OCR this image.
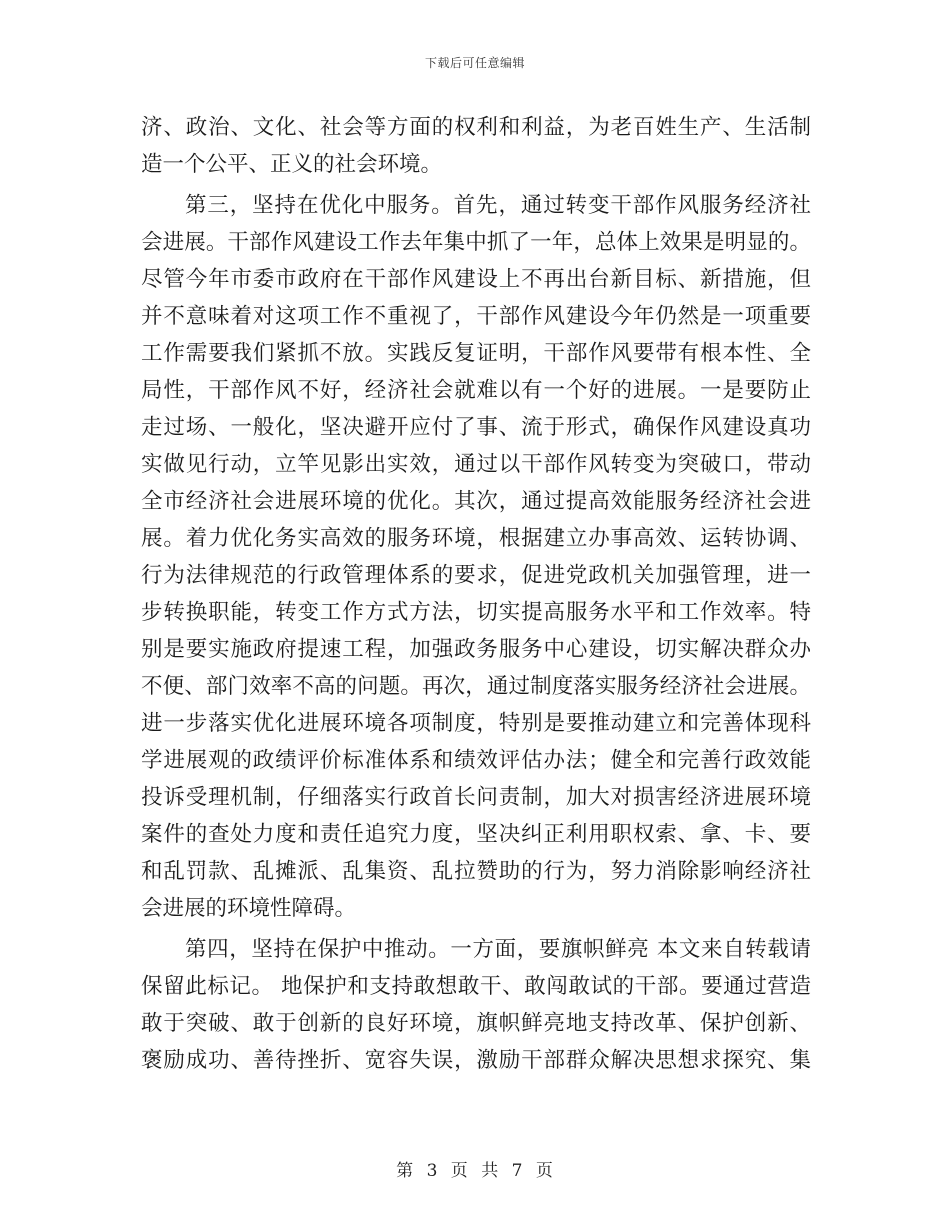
下载后可任意编辑
济、政治、文化、社会等方面的权利和利益，为老百姓生产、生活制
造一个公平、正义的社会环境。
第三，坚持在优化中服务。首先，通过转变干部作风服务经济社
会进展。干部作风建设工作去年集中抓了一年，总体上效果是明显的。
尽管今年市委市政府在干部作风建设上不再出台新目标、新措施，但
并不意味着对这项工作不重视了，干部作风建设今年仍然是一项重要
工作需要我们紧抓不放。实践反复证明，干部作风要带有根本性、全
局性，干部作风不好，经济社会就难以有一个好的进展。一是要防止
走过场、一般化，坚决避开应付了事、流于形式，确保作风建设真功
实做见行动，立竿见影出实效，通过以干部作风转变为突破口，带动
全市经济社会进展环境的优化。其次，通过提高效能服务经济社会进
展。着力优化务实高效的服务环境，根据建立办事高效、运转协调、
行为法律规范的行政管理体系的要求，促进党政机关加强管理，进一
步转换职能，转变工作方式方法，切实提高服务水平和工作效率。特
别是要实施政府提速工程，加强政务服务中心建设，切实解决群众办
不便、部门效率不高的问题。再次，通过制度落实服务经济社会进展。
进一步落实优化进展环境各项制度，特别是要推动建立和完善体现科
学进展观的政绩评价标准体系和绩效评估办法；健全和完善行政效能
投诉受理机制，仔细落实行政首长问责制，加大对损害经济进展环境
案件的查处力度和责任追究力度，坚决纠正利用职权索、拿、卡、要
和乱罚款、乱摊派、乱集资、乱拉赞助的行为，努力消除影响经济社
会进展的环境性障碍。
第四，坚持在保护中推动。一方面，要旗帜鲜亮 本文来自转载请
保留此标记。 地保护和支持敢想敢干、敢闯敢试的干部。要通过营造
敢于突破、敢于创新的良好环境，旗帜鲜亮地支持改革、保护创新、
褒励成功、善待挫折、宽容失误，激励干部群众解决思想求探究、集
第 3 页 共 7 页
